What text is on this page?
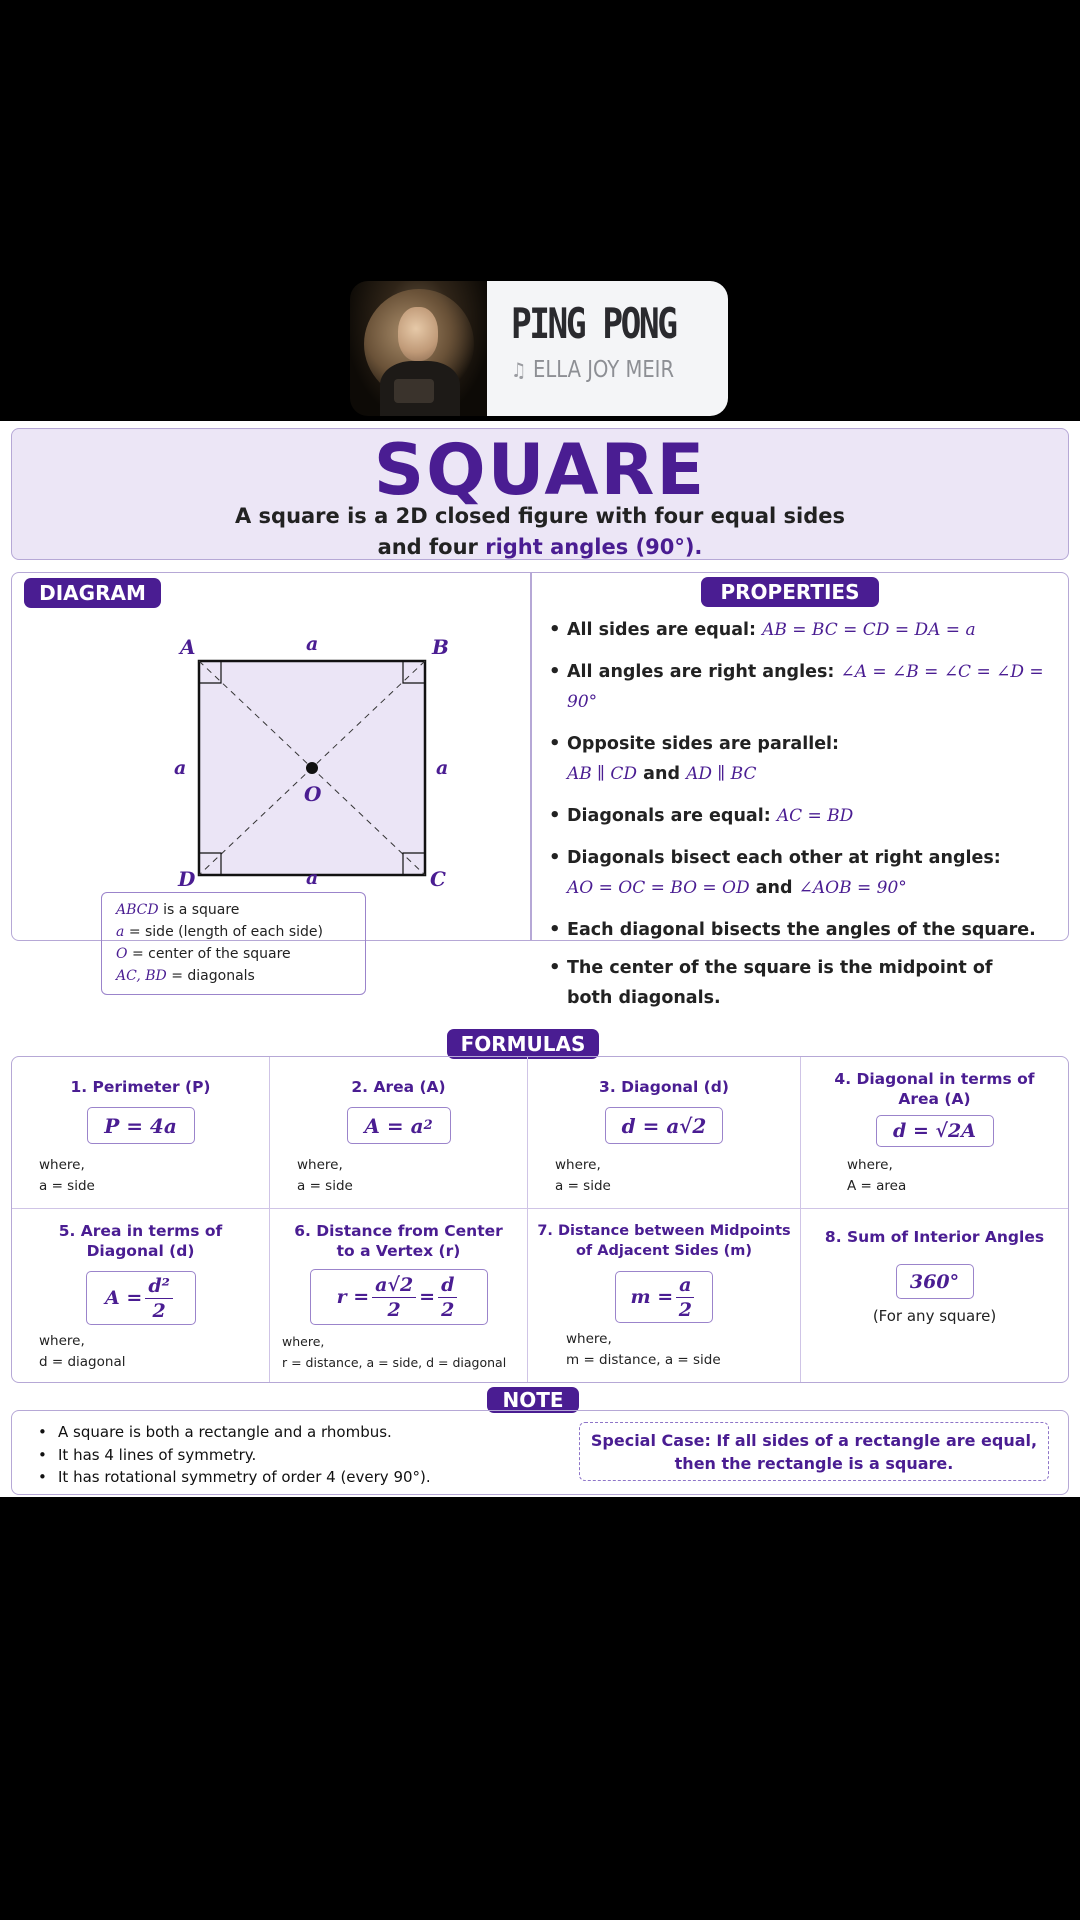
PING PONG
♫ ELLA JOY MEIR
SQUARE
A square is a 2D closed figure with four equal sides
and four right angles (90°).
DIAGRAM
A	B
C
D
O
a
a
a	a
ABCD is a square
a = side (length of each side)
O = center of the square
AC, BD = diagonals
PROPERTIES
• All sides are equal: AB = BC = CD = DA = a
• All angles are right angles: ∠A = ∠B = ∠C = ∠D = 90°
• Opposite sides are parallel:
AB ∥ CD and AD ∥ BC
• Diagonals are equal: AC = BD
• Diagonals bisect each other at right angles:
AO = OC = BO = OD and ∠AOB = 90°
• Each diagonal bisects the angles of the square.
• The center of the square is the midpoint of
both diagonals.
FORMULAS
1. Perimeter (P)
P = 4a
where,
a = side
2. Area (A)
A = a 2
where,
a = side
3. Diagonal (d)
d = a√2
where,
a = side
4. Diagonal in terms of Area (A)
d = √2A
where,
A = area
5. Area in terms of Diagonal (d)
$A = \frac{\text{d²}}{2}$
where,
d = diagonal
6. Distance from Center to a Vertex (r)
$r = \frac{a√2}{2} = \frac{d}{2}$
where,
r = distance, a = side, d = diagonal
7. Distance between Midpoints of Adjacent Sides (m)
$m = \frac{a}{2}$
where,
m = distance, a = side
8. Sum of Interior Angles
360°
(For any square)
NOTE
• A square is both a rectangle and a rhombus.
• It has 4 lines of symmetry.
• It has rotational symmetry of order 4 (every 90°).
Special Case: If all sides of a rectangle are equal,
then the rectangle is a square.
